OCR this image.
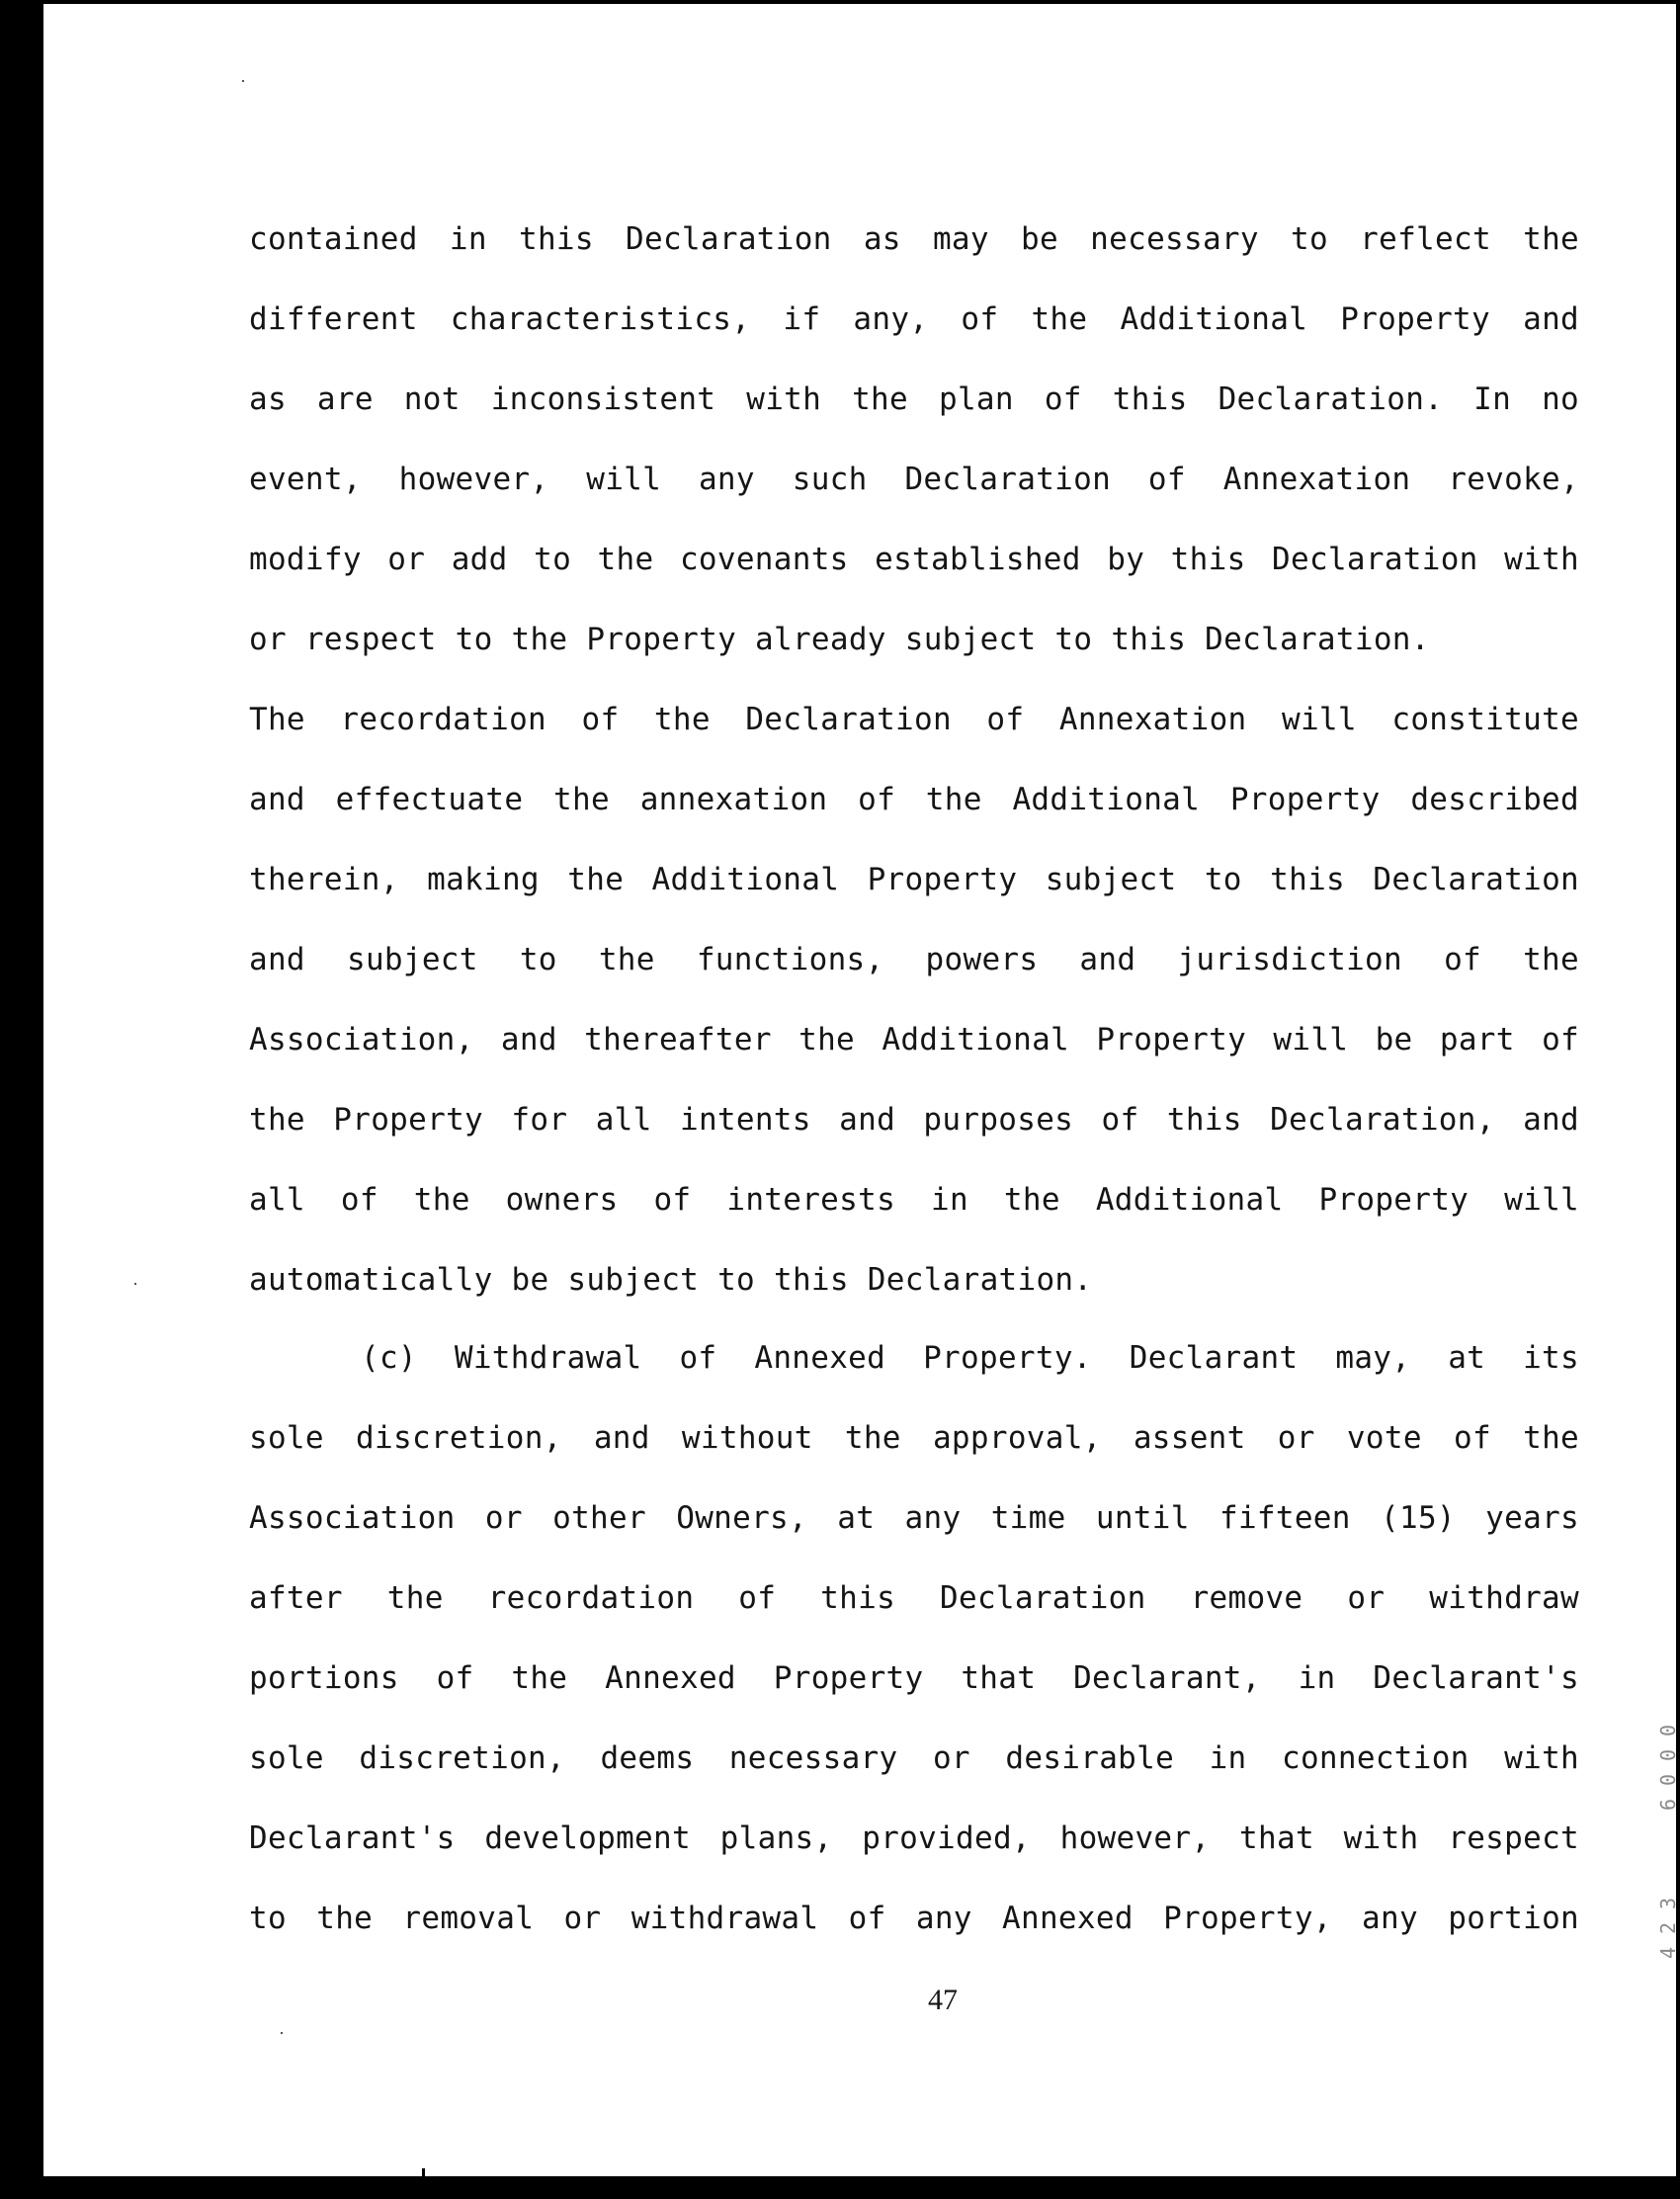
contained in this Declaration as may be necessary to reflect the
different characteristics, if any, of the Additional Property and
as are not inconsistent with the plan of this Declaration. In no
event, however, will any such Declaration of Annexation revoke,
modify or add to the covenants established by this Declaration with
or respect to the Property already subject to this Declaration.
The recordation of the Declaration of Annexation will constitute
and effectuate the annexation of the Additional Property described
therein, making the Additional Property subject to this Declaration
and subject to the functions, powers and jurisdiction of the
Association, and thereafter the Additional Property will be part of
the Property for all intents and purposes of this Declaration, and
all of the owners of interests in the Additional Property will
automatically be subject to this Declaration.
(c) Withdrawal of Annexed Property. Declarant may, at its
sole discretion, and without the approval, assent or vote of the
Association or other Owners, at any time until fifteen (15) years
after the recordation of this Declaration remove or withdraw
portions of the Annexed Property that Declarant, in Declarant's
sole discretion, deems necessary or desirable in connection with
Declarant's development plans, provided, however, that with respect
to the removal or withdrawal of any Annexed Property, any portion
47
4
2
3
6
0
0
0
